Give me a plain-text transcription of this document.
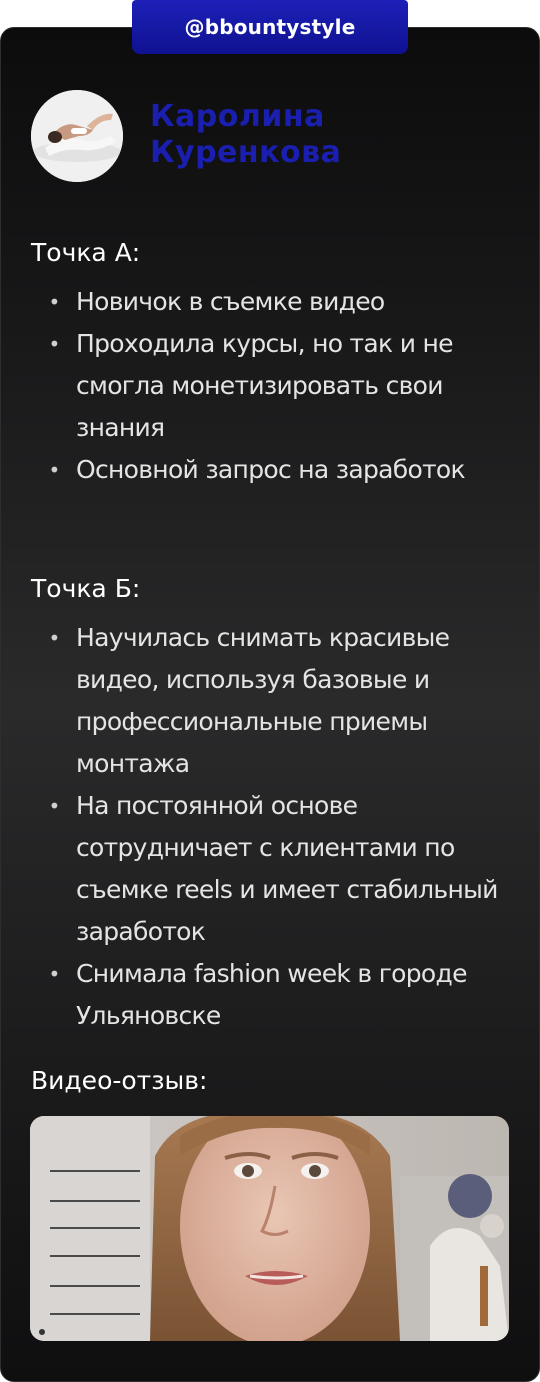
@bbountystyle
Каролина
Куренкова
Точка А:
• Новичок в съемке видео
• Проходила курсы, но так и не смогла монетизировать свои знания
• Основной запрос на заработок
Точка Б:
• Научилась снимать красивые видео, используя базовые и профессиональные приемы монтажа
• На постоянной основе сотрудничает с клиентами по съемке reels и имеет стабильный заработок
• Снимала fashion week в городе Ульяновске
Видео-отзыв:
